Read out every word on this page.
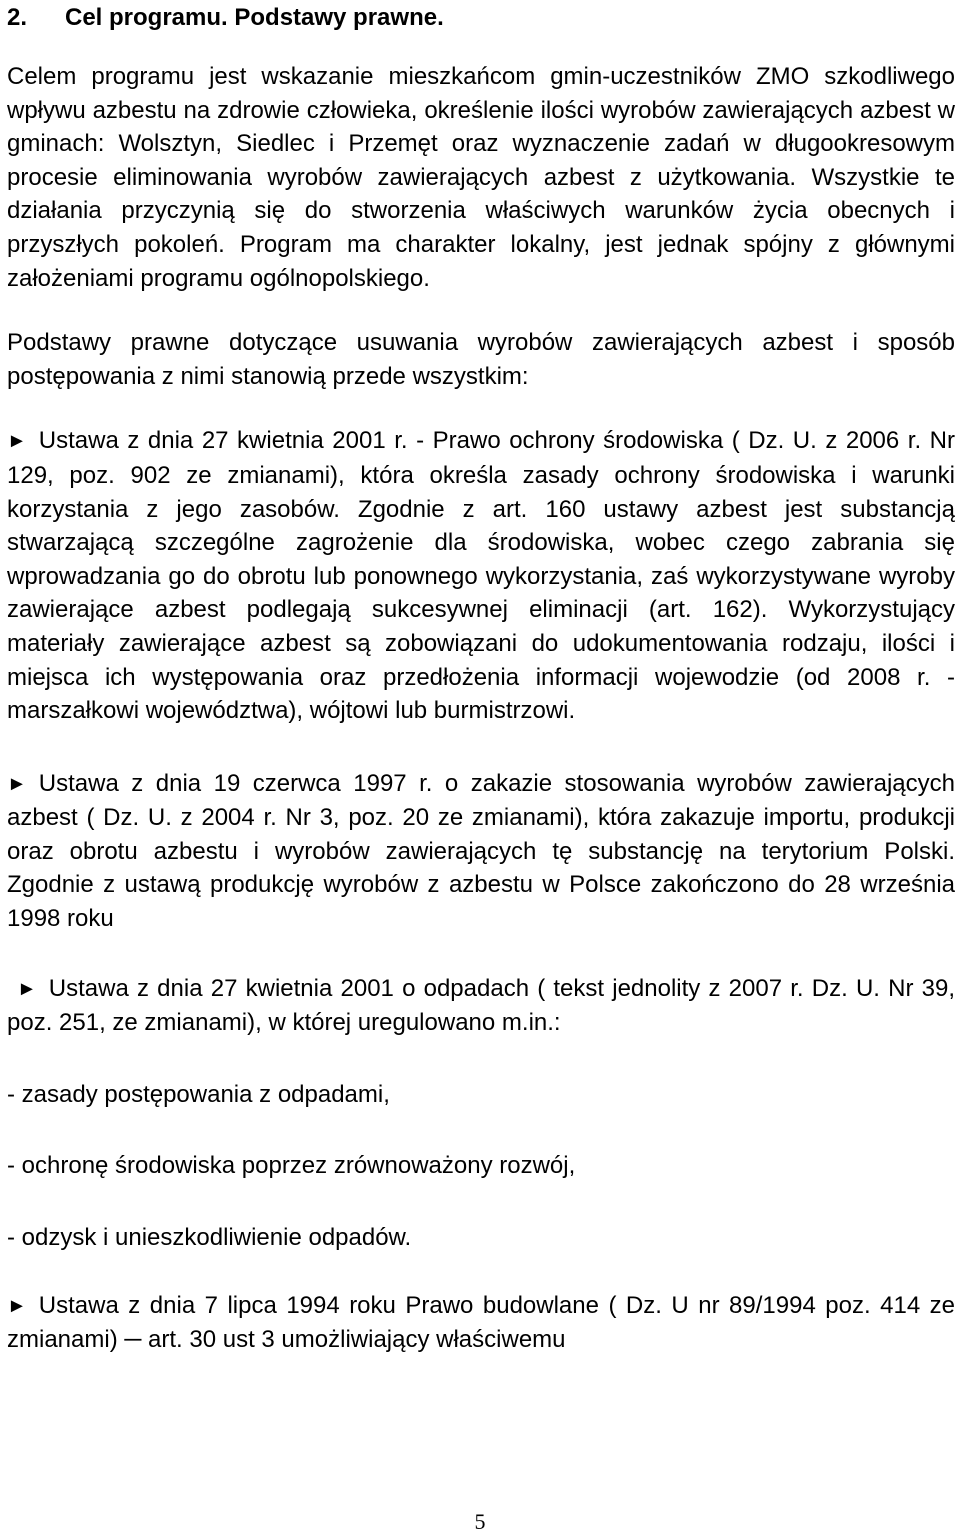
2. Cel programu. Podstawy prawne.

Celem programu jest wskazanie mieszkańcom gmin-uczestników ZMO szkodliwego wpływu azbestu na zdrowie człowieka, określenie ilości wyrobów zawierających azbest w gminach: Wolsztyn, Siedlec i Przemęt oraz wyznaczenie zadań w długookresowym procesie eliminowania wyrobów zawierających azbest z użytkowania. Wszystkie te działania przyczynią się do stworzenia właściwych warunków życia obecnych i przyszłych pokoleń. Program ma charakter lokalny, jest jednak spójny z głównymi założeniami programu ogólnopolskiego.

Podstawy prawne dotyczące usuwania wyrobów zawierających azbest i sposób postępowania z nimi stanowią przede wszystkim:

► Ustawa z dnia 27 kwietnia 2001 r. - Prawo ochrony środowiska ( Dz. U. z 2006 r. Nr 129, poz. 902 ze zmianami), która określa zasady ochrony środowiska i warunki korzystania z jego zasobów. Zgodnie z art. 160 ustawy azbest jest substancją stwarzającą szczególne zagrożenie dla środowiska, wobec czego zabrania się wprowadzania go do obrotu lub ponownego wykorzystania, zaś wykorzystywane wyroby zawierające azbest podlegają sukcesywnej eliminacji (art. 162). Wykorzystujący materiały zawierające azbest są zobowiązani do udokumentowania rodzaju, ilości i miejsca ich występowania oraz przedłożenia informacji wojewodzie (od 2008 r. - marszałkowi województwa), wójtowi lub burmistrzowi.

► Ustawa z dnia 19 czerwca 1997 r. o zakazie stosowania wyrobów zawierających azbest ( Dz. U. z 2004 r. Nr 3, poz. 20 ze zmianami), która zakazuje importu, produkcji oraz obrotu azbestu i wyrobów zawierających tę substancję na terytorium Polski. Zgodnie z ustawą produkcję wyrobów z azbestu w Polsce zakończono do 28 września 1998 roku

► Ustawa z dnia 27 kwietnia 2001 o odpadach ( tekst jednolity z 2007 r. Dz. U. Nr 39, poz. 251, ze zmianami), w której uregulowano m.in.:

- zasady postępowania z odpadami,

- ochronę środowiska poprzez zrównoważony rozwój,

- odzysk i unieszkodliwienie odpadów.

► Ustawa z dnia 7 lipca 1994 roku Prawo budowlane ( Dz. U nr 89/1994 poz. 414 ze zmianami) ─ art. 30 ust 3 umożliwiający właściwemu

5
